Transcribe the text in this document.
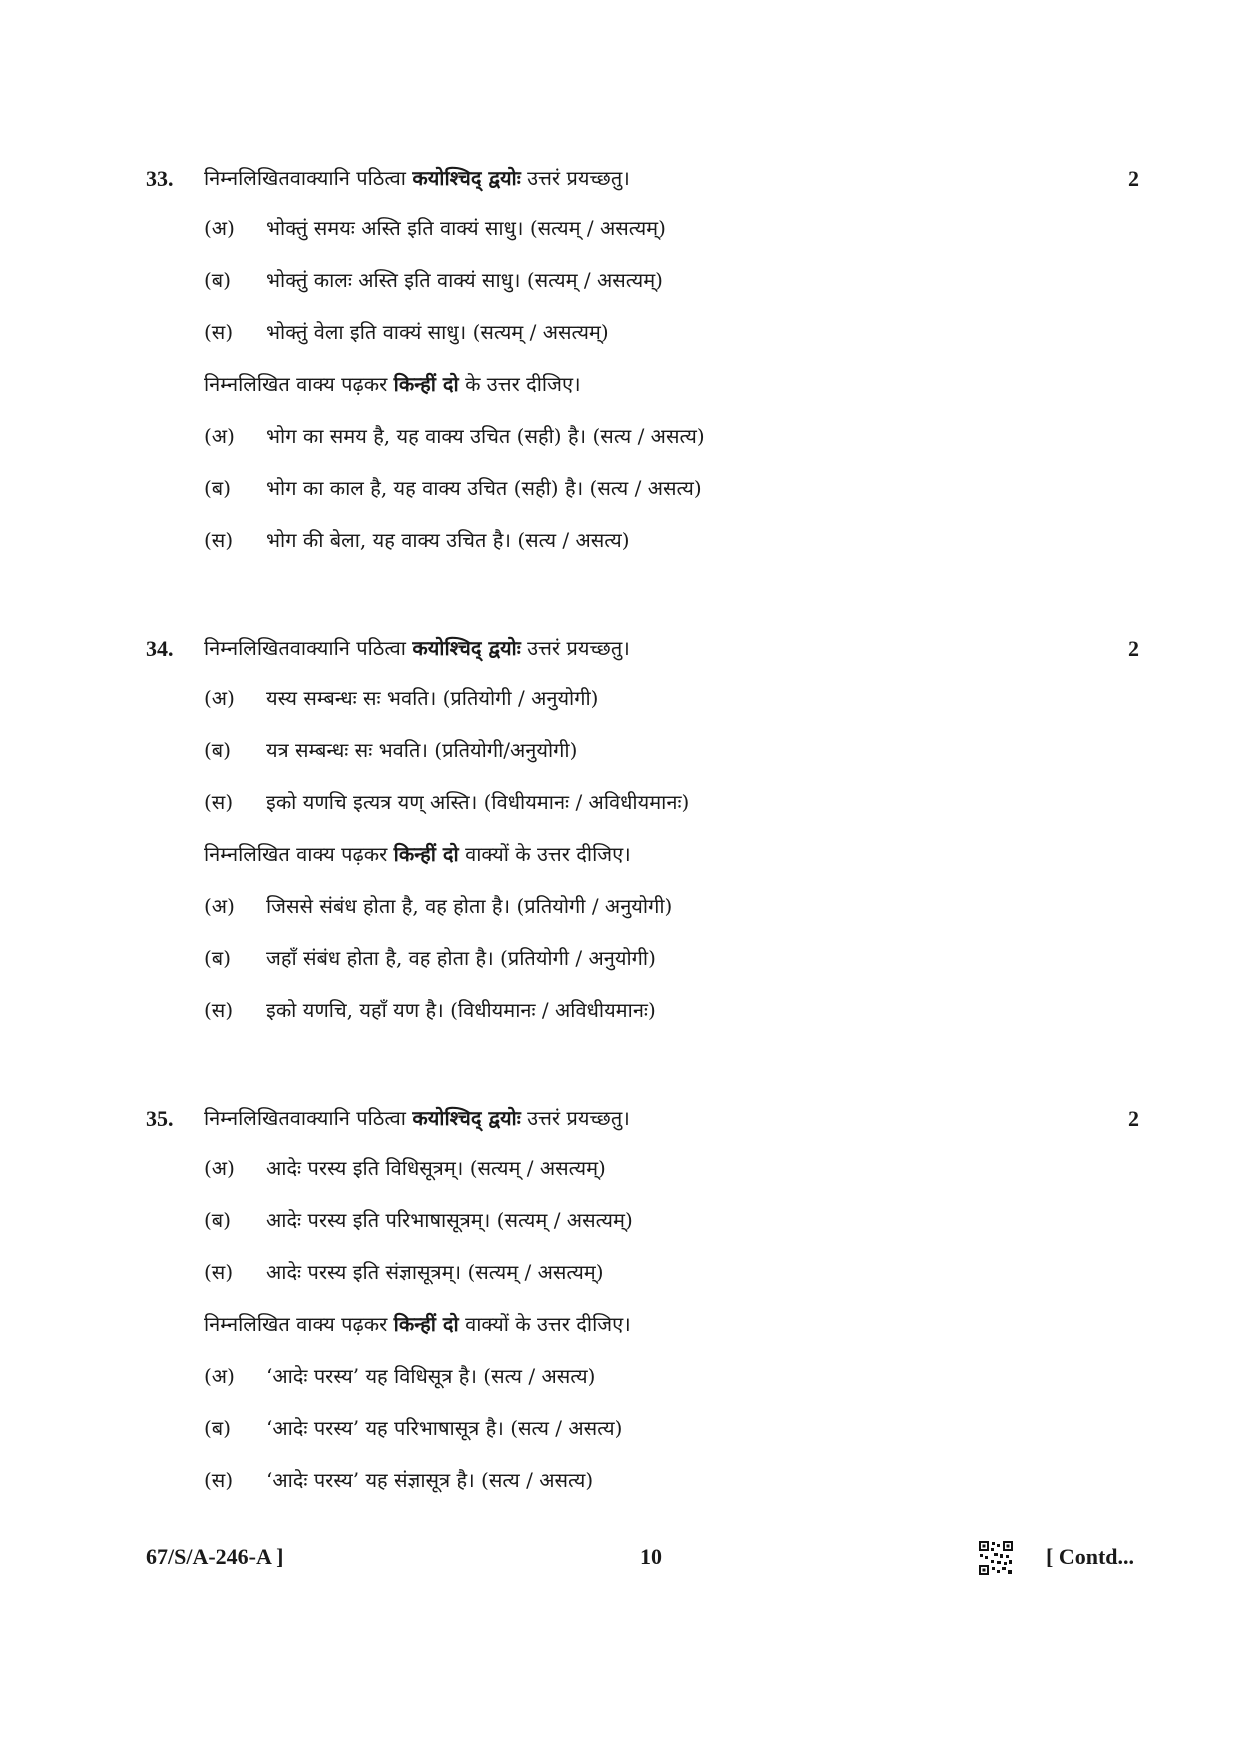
33. निम्नलिखितवाक्यानि पठित्वा कयोश्चिद् द्वयोः उत्तरं प्रयच्छतु।	2
(अ) भोक्तुं समयः अस्ति इति वाक्यं साधु। (सत्यम् / असत्यम्)
(ब) भोक्तुं कालः अस्ति इति वाक्यं साधु। (सत्यम् / असत्यम्)
(स) भोक्तुं वेला इति वाक्यं साधु। (सत्यम् / असत्यम्)
निम्नलिखित वाक्य पढ़कर किन्हीं दो के उत्तर दीजिए।
(अ) भोग का समय है, यह वाक्य उचित (सही) है। (सत्य / असत्य)
(ब) भोग का काल है, यह वाक्य उचित (सही) है। (सत्य / असत्य)
(स) भोग की बेला, यह वाक्य उचित है। (सत्य / असत्य)
34. निम्नलिखितवाक्यानि पठित्वा कयोश्चिद् द्वयोः उत्तरं प्रयच्छतु।	2
(अ) यस्य सम्बन्धः सः भवति। (प्रतियोगी / अनुयोगी)
(ब) यत्र सम्बन्धः सः भवति। (प्रतियोगी/अनुयोगी)
(स) इको यणचि इत्यत्र यण् अस्ति। (विधीयमानः / अविधीयमानः)
निम्नलिखित वाक्य पढ़कर किन्हीं दो वाक्यों के उत्तर दीजिए।
(अ) जिससे संबंध होता है, वह होता है। (प्रतियोगी / अनुयोगी)
(ब) जहाँ संबंध होता है, वह होता है। (प्रतियोगी / अनुयोगी)
(स) इको यणचि, यहाँ यण है। (विधीयमानः / अविधीयमानः)
35. निम्नलिखितवाक्यानि पठित्वा कयोश्चिद् द्वयोः उत्तरं प्रयच्छतु।	2
(अ) आदेः परस्य इति विधिसूत्रम्। (सत्यम् / असत्यम्)
(ब) आदेः परस्य इति परिभाषासूत्रम्। (सत्यम् / असत्यम्)
(स) आदेः परस्य इति संज्ञासूत्रम्। (सत्यम् / असत्यम्)
निम्नलिखित वाक्य पढ़कर किन्हीं दो वाक्यों के उत्तर दीजिए।
(अ) ‘आदेः परस्य’ यह विधिसूत्र है। (सत्य / असत्य)
(ब) ‘आदेः परस्य’ यह परिभाषासूत्र है। (सत्य / असत्य)
(स) ‘आदेः परस्य’ यह संज्ञासूत्र है। (सत्य / असत्य)
67/S/A-246-A ]	10	[ Contd...
